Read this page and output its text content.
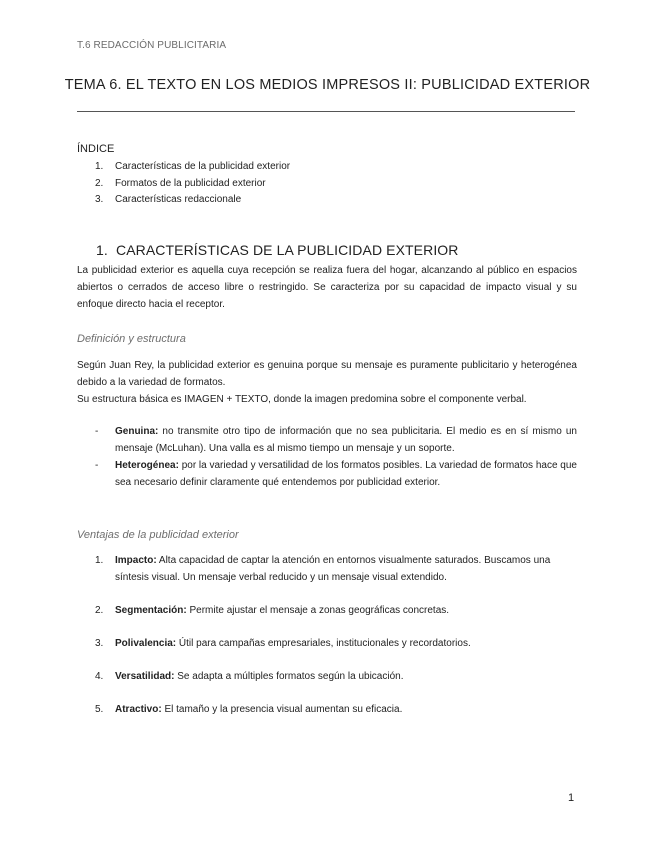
T.6 REDACCIÓN PUBLICITARIA
TEMA 6. EL TEXTO EN LOS MEDIOS IMPRESOS II: PUBLICIDAD EXTERIOR
ÍNDICE
1.	Características de la publicidad exterior
2.	Formatos de la publicidad exterior
3.	Características redaccionale
1. CARACTERÍSTICAS DE LA PUBLICIDAD EXTERIOR

La publicidad exterior es aquella cuya recepción se realiza fuera del hogar, alcanzando al público en espacios abiertos o cerrados de acceso libre o restringido. Se caracteriza por su capacidad de impacto visual y su enfoque directo hacia el receptor.

Definición y estructura

Según Juan Rey, la publicidad exterior es genuina porque su mensaje es puramente publicitario y heterogénea debido a la variedad de formatos.

Su estructura básica es IMAGEN + TEXTO, donde la imagen predomina sobre el componente verbal.

-	Genuina: no transmite otro tipo de información que no sea publicitaria. El medio es en sí mismo un mensaje (McLuhan). Una valla es al mismo tiempo un mensaje y un soporte.
-	Heterogénea: por la variedad y versatilidad de los formatos posibles. La variedad de formatos hace que sea necesario definir claramente qué entendemos por publicidad exterior.
Ventajas de la publicidad exterior
1.	Impacto: Alta capacidad de captar la atención en entornos visualmente saturados. Buscamos una síntesis visual. Un mensaje verbal reducido y un mensaje visual extendido.
2.	Segmentación: Permite ajustar el mensaje a zonas geográficas concretas.
3.	Polivalencia: Útil para campañas empresariales, institucionales y recordatorios.
4.	Versatilidad: Se adapta a múltiples formatos según la ubicación.
5.	Atractivo: El tamaño y la presencia visual aumentan su eficacia.
1
